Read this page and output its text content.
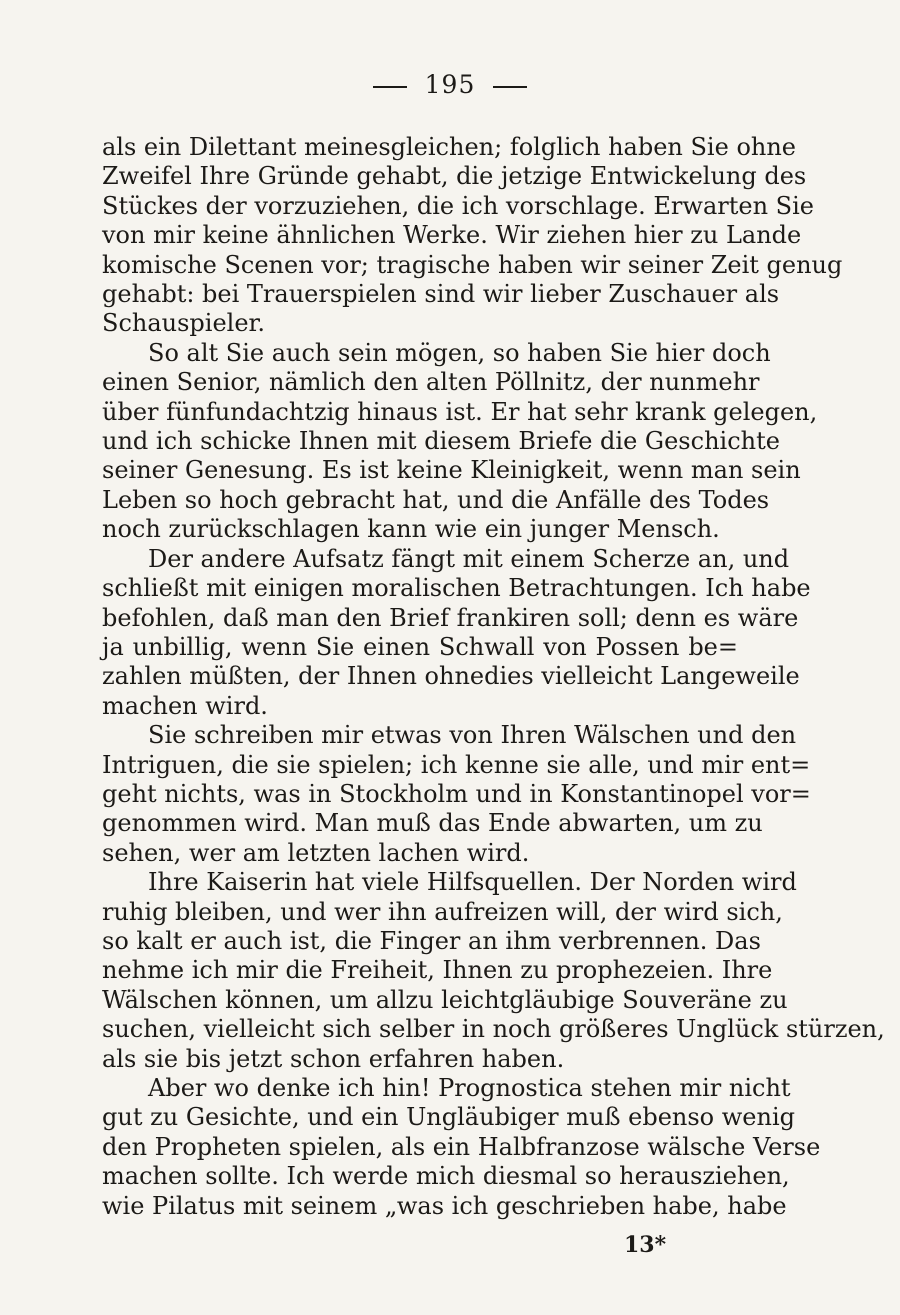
195
als ein Dilettant meinesgleichen; folglich haben Sie ohne
Zweifel Ihre Gründe gehabt, die jetzige Entwickelung des
Stückes der vorzuziehen, die ich vorschlage. Erwarten Sie
von mir keine ähnlichen Werke. Wir ziehen hier zu Lande
komische Scenen vor; tragische haben wir seiner Zeit genug
gehabt: bei Trauerspielen sind wir lieber Zuschauer als
Schauspieler.
So alt Sie auch sein mögen, so haben Sie hier doch
einen Senior, nämlich den alten Pöllnitz, der nunmehr
über fünfundachtzig hinaus ist. Er hat sehr krank gelegen,
und ich schicke Ihnen mit diesem Briefe die Geschichte
seiner Genesung. Es ist keine Kleinigkeit, wenn man sein
Leben so hoch gebracht hat, und die Anfälle des Todes
noch zurückschlagen kann wie ein junger Mensch.
Der andere Aufsatz fängt mit einem Scherze an, und
schließt mit einigen moralischen Betrachtungen. Ich habe
befohlen, daß man den Brief frankiren soll; denn es wäre
ja unbillig, wenn Sie einen Schwall von Possen be=
zahlen müßten, der Ihnen ohnedies vielleicht Langeweile
machen wird.
Sie schreiben mir etwas von Ihren Wälschen und den
Intriguen, die sie spielen; ich kenne sie alle, und mir ent=
geht nichts, was in Stockholm und in Konstantinopel vor=
genommen wird. Man muß das Ende abwarten, um zu
sehen, wer am letzten lachen wird.
Ihre Kaiserin hat viele Hilfsquellen. Der Norden wird
ruhig bleiben, und wer ihn aufreizen will, der wird sich,
so kalt er auch ist, die Finger an ihm verbrennen. Das
nehme ich mir die Freiheit, Ihnen zu prophezeien. Ihre
Wälschen können, um allzu leichtgläubige Souveräne zu
suchen, vielleicht sich selber in noch größeres Unglück stürzen,
als sie bis jetzt schon erfahren haben.
Aber wo denke ich hin! Prognostica stehen mir nicht
gut zu Gesichte, und ein Ungläubiger muß ebenso wenig
den Propheten spielen, als ein Halbfranzose wälsche Verse
machen sollte. Ich werde mich diesmal so herausziehen,
wie Pilatus mit seinem „was ich geschrieben habe, habe
13*
